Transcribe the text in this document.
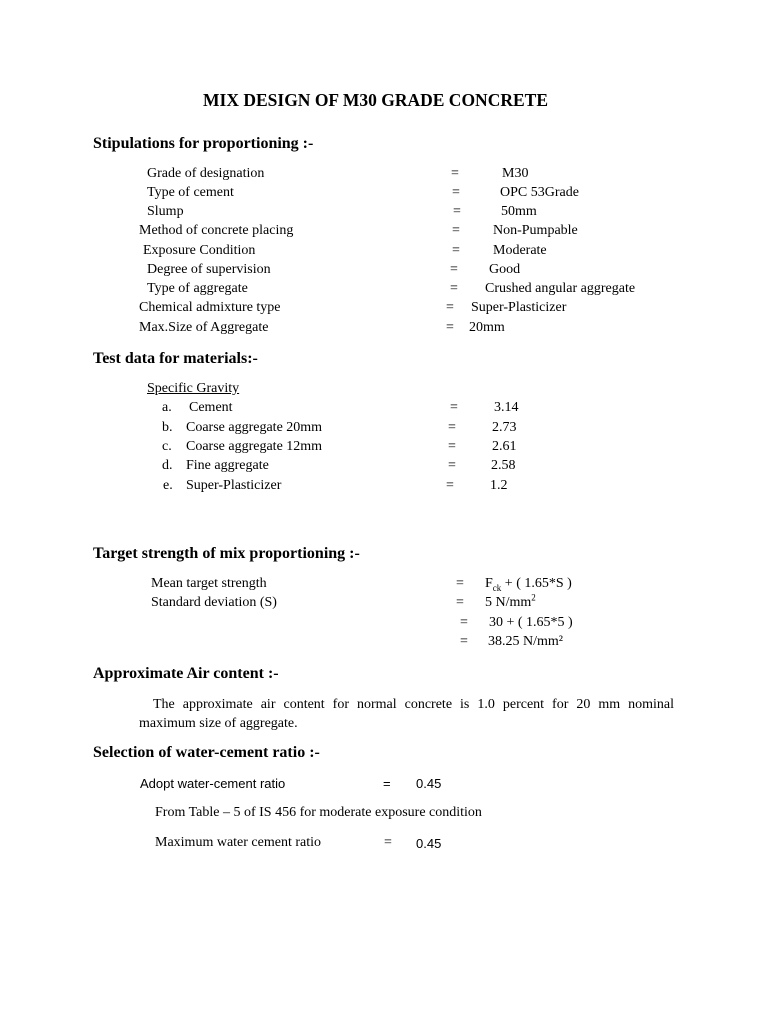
MIX DESIGN OF M30 GRADE CONCRETE
Stipulations for proportioning :-
Grade of designation	=	M30
Type of cement	=	OPC 53Grade
Slump	=	50mm
Method of concrete placing	= Non-Pumpable
Exposure Condition	= Moderate
Degree of supervision	= Good
Type of aggregate	= Crushed angular aggregate
Chemical admixture type	= Super-Plasticizer
Max.Size of Aggregate	= 20mm
Test data for materials:-
Specific Gravity
a. Cement	=	3.14
b. Coarse aggregate 20mm	=	2.73
c. Coarse aggregate 12mm	=	2.61
d. Fine aggregate	=	2.58
e. Super-Plasticizer	=	1.2
Target strength of mix proportioning :-
Mean target strength	= $F_{ck}$ + ( 1.65*S )
Standard deviation (S)	= 5 $N/mm^2$
= 30 + ( 1.65*5 )
= 38.25 N/mm²
Approximate Air content :-
The approximate air content for normal concrete is 1.0 percent for 20 mm nominal maximum size of aggregate.
Selection of water-cement ratio :-
Adopt water-cement ratio	= 0.45
From Table – 5 of IS 456 for moderate exposure condition
Maximum water cement ratio	= 0.45
